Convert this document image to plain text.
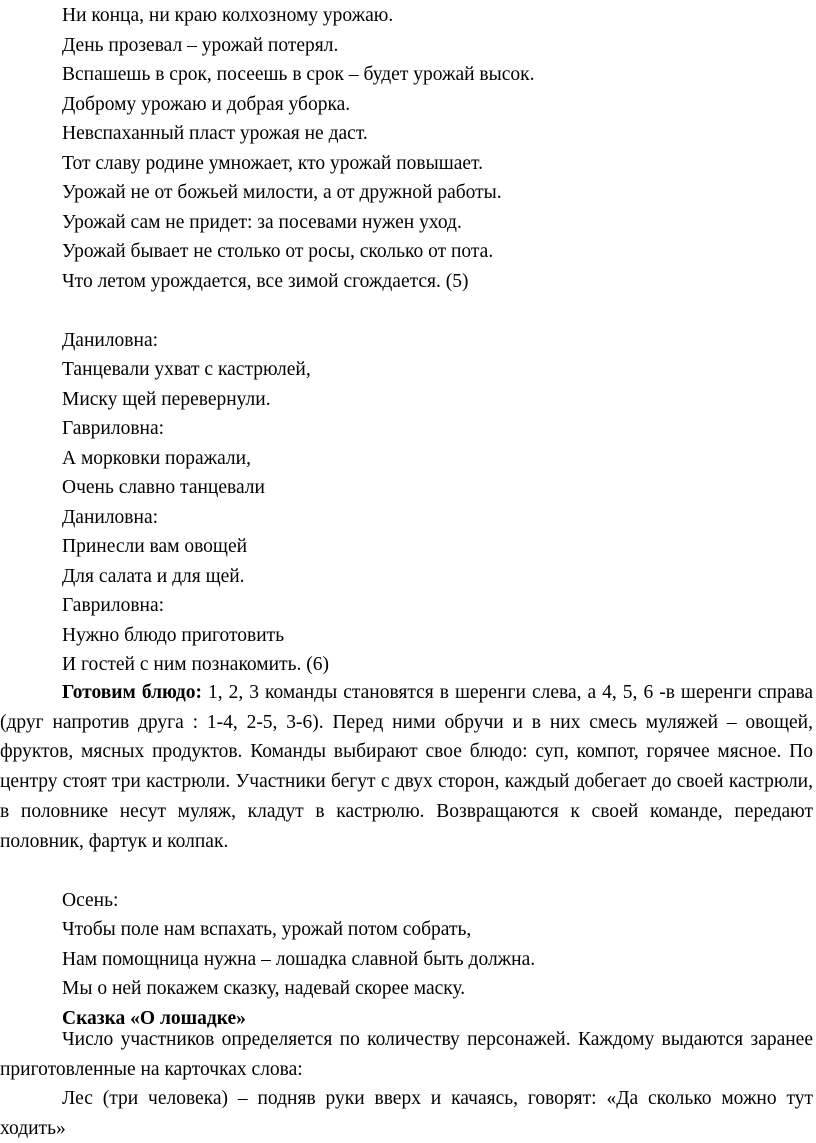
Ни конца, ни краю колхозному урожаю.
День прозевал – урожай потерял.
Вспашешь в срок, посеешь в срок – будет урожай высок.
Доброму урожаю и добрая уборка.
Невспаханный пласт урожая не даст.
Тот славу родине умножает, кто урожай повышает.
Урожай не от божьей милости, а от дружной работы.
Урожай сам не придет: за посевами нужен уход.
Урожай бывает не столько от росы, сколько от пота.
Что летом урождается, все зимой сгождается. (5)
Даниловна:
Танцевали ухват с кастрюлей,
Миску щей перевернули.
Гавриловна:
А морковки поражали,
Очень славно танцевали
Даниловна:
Принесли вам овощей
Для салата и для щей.
Гавриловна:
Нужно блюдо приготовить
И гостей с ним познакомить. (6)
Готовим блюдо: 1, 2, 3 команды становятся в шеренги слева, а 4, 5, 6 -в шеренги справа (друг напротив друга : 1-4, 2-5, 3-6). Перед ними обручи и в них смесь муляжей – овощей, фруктов, мясных продуктов. Команды выбирают свое блюдо: суп, компот, горячее мясное. По центру стоят три кастрюли. Участники бегут с двух сторон, каждый добегает до своей кастрюли, в половнике несут муляж, кладут в кастрюлю. Возвращаются к своей команде, передают половник, фартук и колпак.
Осень:
Чтобы поле нам вспахать, урожай потом собрать,
Нам помощница нужна – лошадка славной быть должна.
Мы о ней покажем сказку, надевай скорее маску.
Сказка «О лошадке»
Число участников определяется по количеству персонажей. Каждому выдаются заранее приготовленные на карточках слова:
Лес (три человека) – подняв руки вверх и качаясь, говорят: «Да сколько можно тут ходить»
